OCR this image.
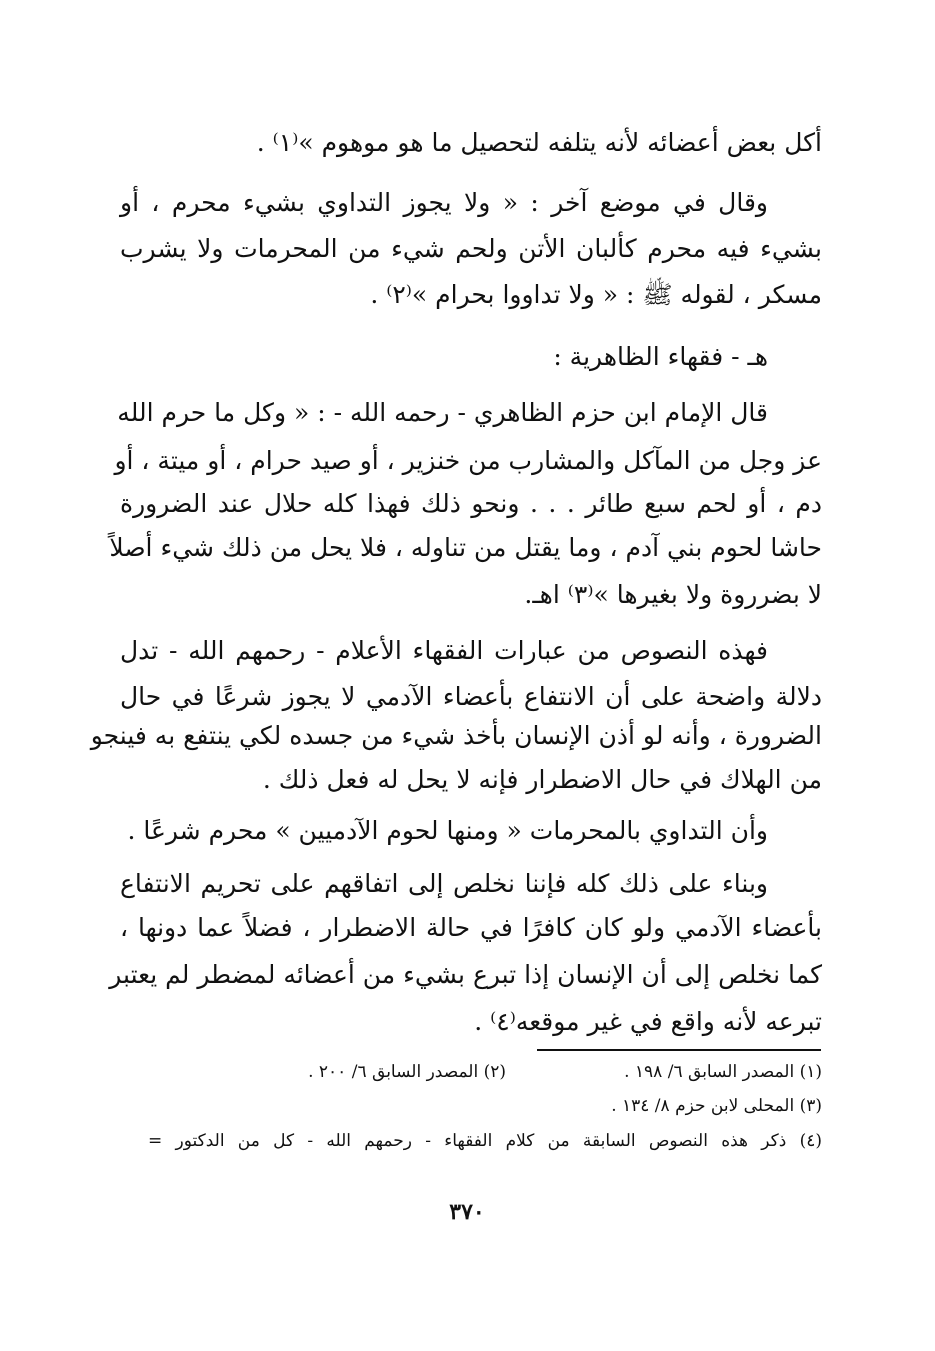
أكل بعض أعضائه لأنه يتلفه لتحصيل ما هو موهوم »⁽١⁾ .
وقال في موضع آخر : « ولا يجوز التداوي بشيء محرم ، أو
بشيء فيه محرم كألبان الأتن ولحم شيء من المحرمات ولا يشرب
مسكر ، لقوله ﷺ : « ولا تداووا بحرام »⁽٢⁾ .
هـ - فقهاء الظاهرية :
قال الإمام ابن حزم الظاهري - رحمه الله - : « وكل ما حرم الله
عز وجل من المآكل والمشارب من خنزير ، أو صيد حرام ، أو ميتة ، أو
دم ، أو لحم سبع طائر . . . ونحو ذلك فهذا كله حلال عند الضرورة
حاشا لحوم بني آدم ، وما يقتل من تناوله ، فلا يحل من ذلك شيء أصلاً
لا بضرروة ولا بغيرها »⁽٣⁾ اهـ.
فهذه النصوص من عبارات الفقهاء الأعلام - رحمهم الله - تدل
دلالة واضحة على أن الانتفاع بأعضاء الآدمي لا يجوز شرعًا في حال
الضرورة ، وأنه لو أذن الإنسان بأخذ شيء من جسده لكي ينتفع به فينجو
من الهلاك في حال الاضطرار فإنه لا يحل له فعل ذلك .
وأن التداوي بالمحرمات « ومنها لحوم الآدميين » محرم شرعًا .
وبناء على ذلك كله فإننا نخلص إلى اتفاقهم على تحريم الانتفاع
بأعضاء الآدمي ولو كان كافرًا في حالة الاضطرار ، فضلاً عما دونها ،
كما نخلص إلى أن الإنسان إذا تبرع بشيء من أعضائه لمضطر لم يعتبر
تبرعه لأنه واقع في غير موقعه⁽٤⁾ .
(١) المصدر السابق ٦/ ١٩٨ .
(٢) المصدر السابق ٦/ ٢٠٠ .
(٣) المحلى لابن حزم ٨/ ١٣٤ .
(٤) ذكر هذه النصوص السابقة من كلام الفقهاء - رحمهم الله - كل من الدكتور =
٣٧٠
